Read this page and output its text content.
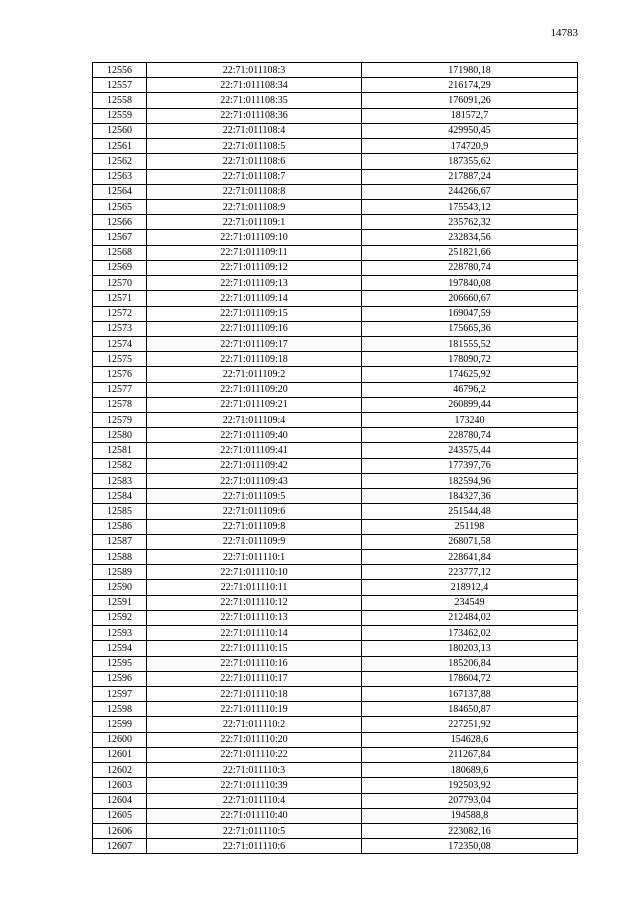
14783
12556	22:71:011108:3	171980,18
12557	22:71:011108:34	216174,29
12558	22:71:011108:35	176091,26
12559	22:71:011108:36	181572,7
12560	22:71:011108:4	429950,45
12561	22:71:011108:5	174720,9
12562	22:71:011108:6	187355,62
12563	22:71:011108:7	217887,24
12564	22:71:011108:8	244266,67
12565	22:71:011108:9	175543,12
12566	22:71:011109:1	235762,32
12567	22:71:011109:10	232834,56
12568	22:71:011109:11	251821,66
12569	22:71:011109:12	228780,74
12570	22:71:011109:13	197840,08
12571	22:71:011109:14	206660,67
12572	22:71:011109:15	169047,59
12573	22:71:011109:16	175665,36
12574	22:71:011109:17	181555,52
12575	22:71:011109:18	178090,72
12576	22:71:011109:2	174625,92
12577	22:71:011109:20	46796,2
12578	22:71:011109:21	260899,44
12579	22:71:011109:4	173240
12580	22:71:011109:40	228780,74
12581	22:71:011109:41	243575,44
12582	22:71:011109:42	177397,76
12583	22:71:011109:43	182594,96
12584	22:71:011109:5	184327,36
12585	22:71:011109:6	251544,48
12586	22:71:011109:8	251198
12587	22:71:011109:9	268071,58
12588	22:71:011110:1	228641,84
12589	22:71:011110:10	223777,12
12590	22:71:011110:11	218912,4
12591	22:71:011110:12	234549
12592	22:71:011110:13	212484,02
12593	22:71:011110:14	173462,02
12594	22:71:011110:15	180203,13
12595	22:71:011110:16	185206,84
12596	22:71:011110:17	178604,72
12597	22:71:011110:18	167137,88
12598	22:71:011110:19	184650,87
12599	22:71:011110:2	227251,92
12600	22:71:011110:20	154628,6
12601	22:71:011110:22	211267,84
12602	22:71:011110:3	180689,6
12603	22:71:011110:39	192503,92
12604	22:71:011110:4	207793,04
12605	22:71:011110:40	194588,8
12606	22:71:011110:5	223082,16
12607	22:71:011110:6	172350,08
